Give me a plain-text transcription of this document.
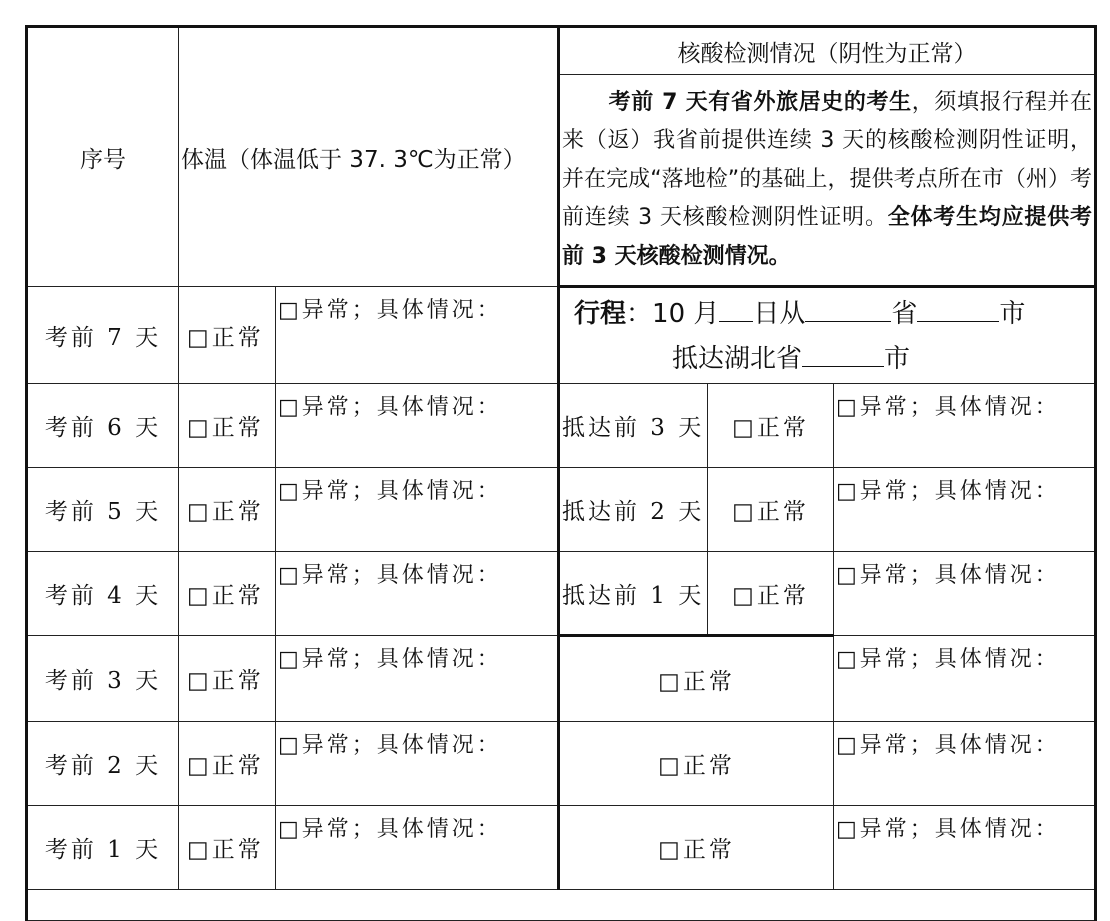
序号	体温（体温低于 37. 3℃为正常）		核酸检测情况（阴性为正常）		
			考前 7 天有省外旅居史的考生，须填报行程并在来（返）我省前提供连续 3 天的核酸检测阴性证明，并在完成“落地检”的基础上，提供考点所在市（州）考前连续 3 天核酸检测阴性证明。全体考生均应提供考前 3 天核酸检测情况。		
考前 7 天	□正常	□异常；具体情况：	行程：10 月 日从 省 市
抵达湖北省 市		

考前 6 天	□正常	□异常；具体情况：	抵达前 3 天	□正常	□异常；具体情况：
考前 5 天	□正常	□异常；具体情况：	抵达前 2 天	□正常	□异常；具体情况：
考前 4 天	□正常	□异常；具体情况：	抵达前 1 天	□正常	□异常；具体情况：
考前 3 天	□正常	□异常；具体情况：	□正常		□异常；具体情况：
考前 2 天	□正常	□异常；具体情况：	□正常		□异常；具体情况：
考前 1 天	□正常	□异常；具体情况：	□正常		□异常；具体情况：
